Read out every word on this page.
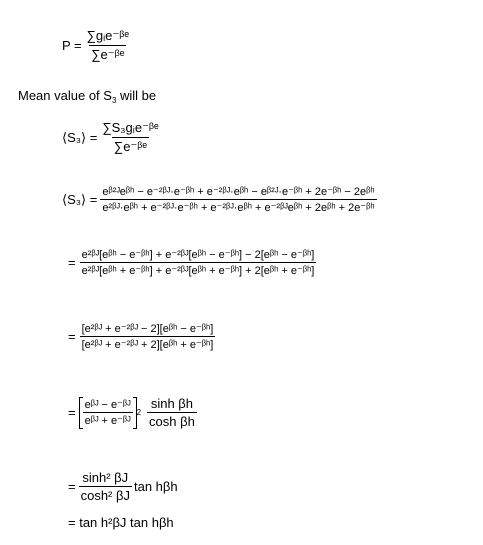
$P = \frac{\text{∑gᵢe⁻ᵝᵉ}}{\text{∑e⁻ᵝᵉ}}$
Mean value of $S_3$ will be
⟨S₃⟩ = $\frac{\text{∑S₃gᵢe⁻ᵝᵉ}}{\text{∑e⁻ᵝᵉ}}$
⟨S₃⟩ = $\frac{\text{eᵝ²ᴶeᵝʰ − e⁻²ᵝᴶ·e⁻ᵝʰ + e⁻²ᵝᴶ·eᵝʰ − eᵝ²ᴶ·e⁻ᵝʰ + 2e⁻ᵝʰ − 2eᵝʰ}}{\text{e²ᵝᴶ·eᵝʰ + e⁻²ᵝᴶ·e⁻ᵝʰ + e⁻²ᵝᴶ·eᵝʰ + e⁻²ᵝᴶeᵝʰ + 2eᵝʰ + 2e⁻ᵝʰ}}$
= $\frac{\text{e²ᵝᴶ[eᵝʰ − e⁻ᵝʰ] + e⁻²ᵝᴶ[eᵝʰ − e⁻ᵝʰ] − 2[eᵝʰ − e⁻ᵝʰ]}}{\text{e²ᵝᴶ[eᵝʰ + e⁻ᵝʰ] + e⁻²ᵝᴶ[eᵝʰ + e⁻ᵝʰ] + 2[eᵝʰ + e⁻ᵝʰ]}}$
= $\frac{\text{[e²ᵝᴶ + e⁻²ᵝᴶ − 2][eᵝʰ − e⁻ᵝʰ]}}{\text{[e²ᵝᴶ + e⁻²ᵝᴶ + 2][eᵝʰ + e⁻ᵝʰ]}}$
= $\frac{\text{eᵝᴶ − e⁻ᵝᴶ}}{\text{eᵝᴶ + e⁻ᵝᴶ}} 2 \frac{\text{sinh βh}}{\text{cosh βh}}$
= $\frac{\text{sinh² βJ}}{\text{cosh² βJ}}$ tan hβh
= tan h²βJ tan hβh
